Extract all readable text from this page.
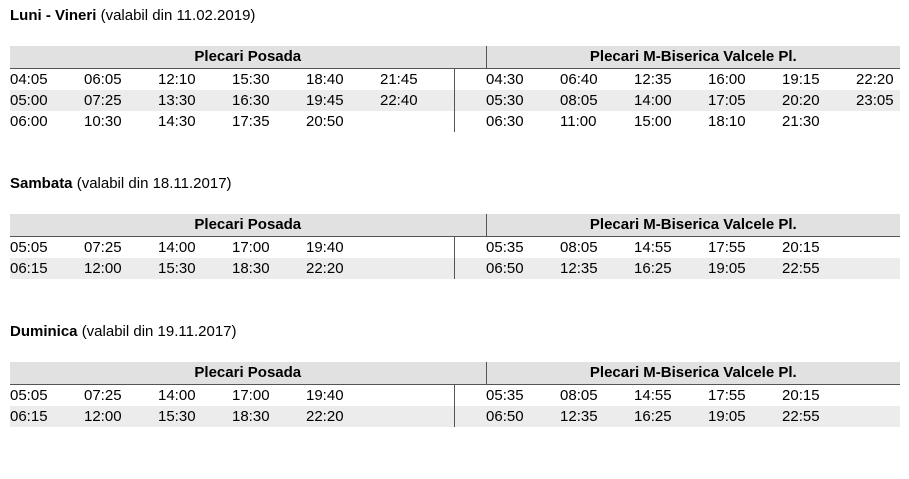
Luni - Vineri (valabil din 11.02.2019)
Plecari Posada							Plecari M-Biserica Valcele Pl.					
04:05	06:05	12:10	15:30	18:40	21:45		04:30	06:40	12:35	16:00	19:15	22:20
05:00	07:25	13:30	16:30	19:45	22:40		05:30	08:05	14:00	17:05	20:20	23:05
06:00	10:30	14:30	17:35	20:50			06:30	11:00	15:00	18:10	21:30	
Sambata (valabil din 18.11.2017)
Plecari Posada							Plecari M-Biserica Valcele Pl.					
05:05	07:25	14:00	17:00	19:40			05:35	08:05	14:55	17:55	20:15	
06:15	12:00	15:30	18:30	22:20			06:50	12:35	16:25	19:05	22:55	
Duminica (valabil din 19.11.2017)
Plecari Posada							Plecari M-Biserica Valcele Pl.					
05:05	07:25	14:00	17:00	19:40			05:35	08:05	14:55	17:55	20:15	
06:15	12:00	15:30	18:30	22:20			06:50	12:35	16:25	19:05	22:55	
